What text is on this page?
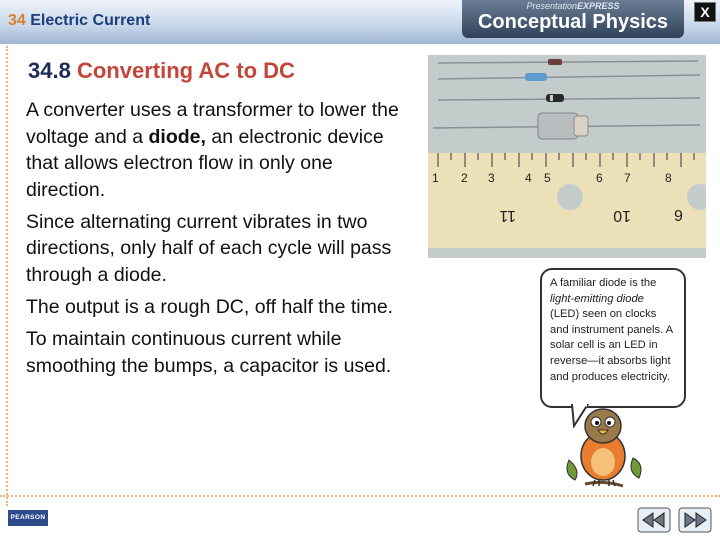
34 Electric Current
PresentationEXPRESS
Conceptual Physics	X
34.8 Converting AC to DC

A converter uses a transformer to lower the voltage and a diode, an electronic device that allows electron flow in only one direction.

Since alternating current vibrates in two directions, only half of each cycle will pass through a diode.

The output is a rough DC, off half the time.

To maintain continuous current while smoothing the bumps, a capacitor is used.

1 2 3	4	6
5	7	8
11	10	9
A familiar diode is the light-emitting diode (LED) seen on clocks and instrument panels. A solar cell is an LED in reverse—it absorbs light and produces electricity.
PEARSON
